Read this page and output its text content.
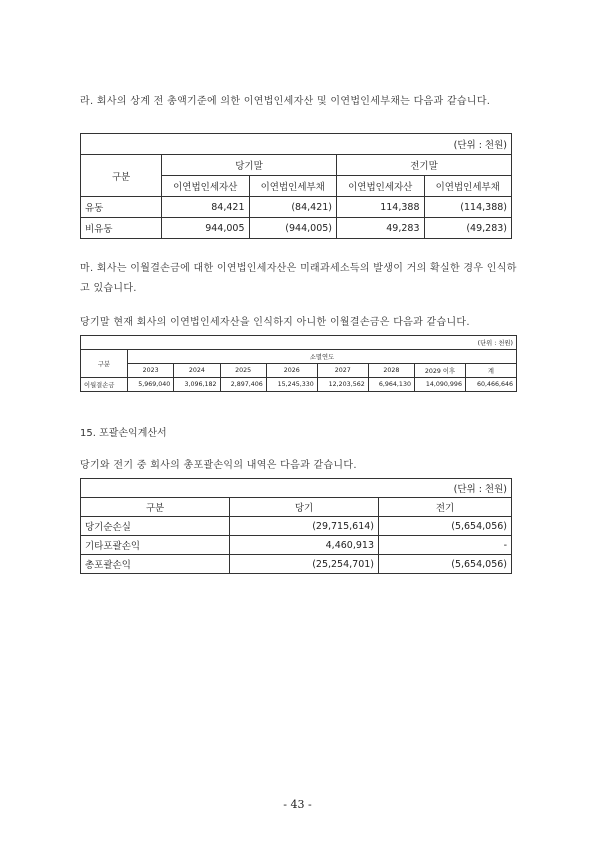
라. 회사의 상계 전 총액기준에 의한 이연법인세자산 및 이연법인세부채는 다음과 같습니다.
(단위 : 천원)				
구분	당기말		전기말	
	이연법인세자산	이연법인세부채	이연법인세자산	이연법인세부채
유동	84,421	(84,421)	114,388	(114,388)
비유동	944,005	(944,005)	49,283	(49,283)
마. 회사는 이월결손금에 대한 이연법인세자산은 미래과세소득의 발생이 거의 확실한 경우 인식하고 있습니다.
당기말 현재 회사의 이연법인세자산을 인식하지 아니한 이월결손금은 다음과 같습니다.
(단위 : 천원)								
구분	소멸연도							
	2023	2024	2025	2026	2027	2028	2029 이후	계
이월결손금	5,969,040	3,096,182	2,897,406	15,245,330	12,203,562	6,964,130	14,090,996	60,466,646
15. 포괄손익계산서
당기와 전기 중 회사의 총포괄손익의 내역은 다음과 같습니다.
(단위 : 천원)		
구분	당기	전기
당기순손실	(29,715,614)	(5,654,056)
기타포괄손익	4,460,913	-
총포괄손익	(25,254,701)	(5,654,056)
- 43 -
